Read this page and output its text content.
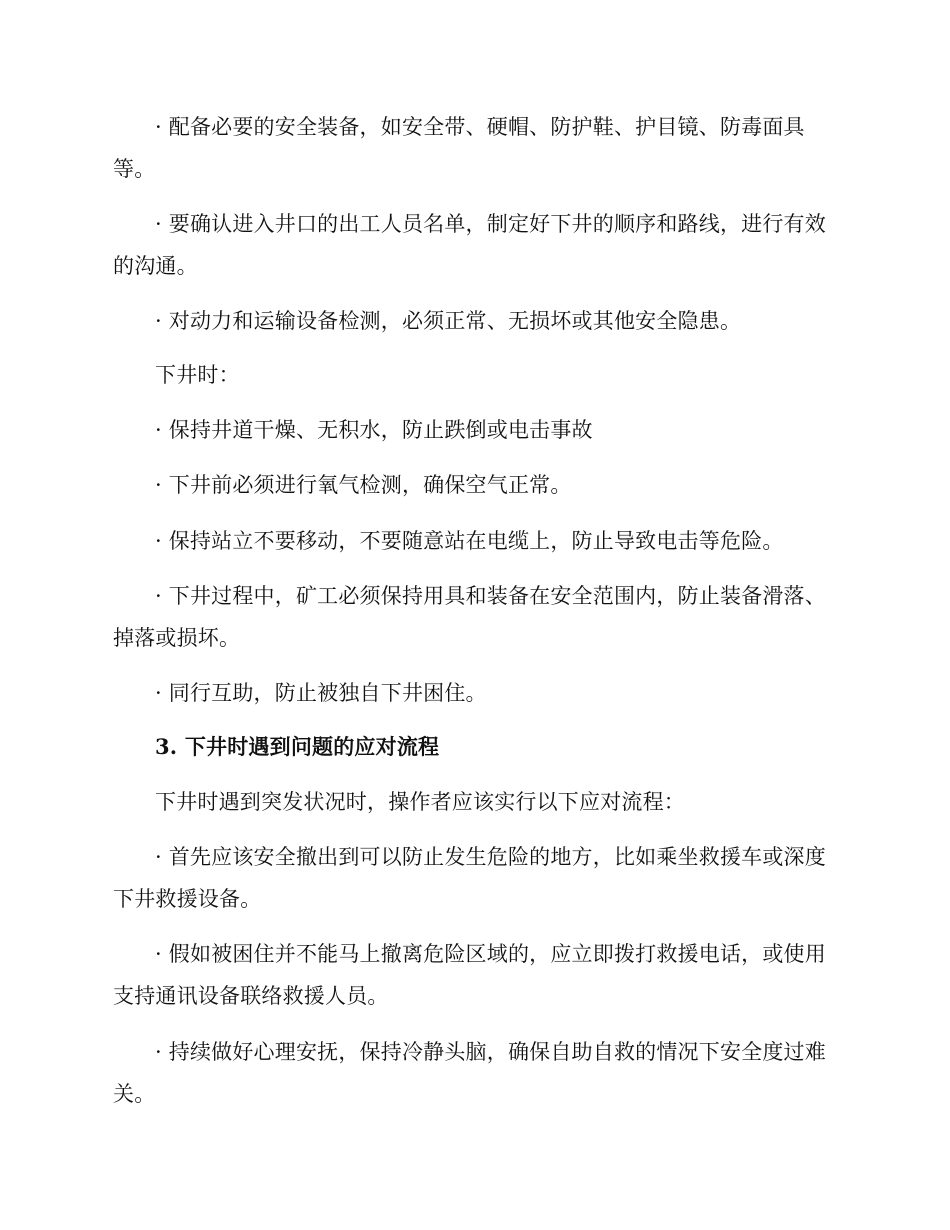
· 配备必要的安全装备，如安全带、硬帽、防护鞋、护目镜、防毒面具等。

· 要确认进入井口的出工人员名单，制定好下井的顺序和路线，进行有效的沟通。

· 对动力和运输设备检测，必须正常、无损坏或其他安全隐患。

下井时：

· 保持井道干燥、无积水，防止跌倒或电击事故

· 下井前必须进行氧气检测，确保空气正常。

· 保持站立不要移动，不要随意站在电缆上，防止导致电击等危险。

· 下井过程中，矿工必须保持用具和装备在安全范围内，防止装备滑落、掉落或损坏。

· 同行互助，防止被独自下井困住。

3. 下井时遇到问题的应对流程

下井时遇到突发状况时，操作者应该实行以下应对流程：

· 首先应该安全撤出到可以防止发生危险的地方，比如乘坐救援车或深度下井救援设备。

· 假如被困住并不能马上撤离危险区域的，应立即拨打救援电话，或使用支持通讯设备联络救援人员。

· 持续做好心理安抚，保持冷静头脑，确保自助自救的情况下安全度过难关。
